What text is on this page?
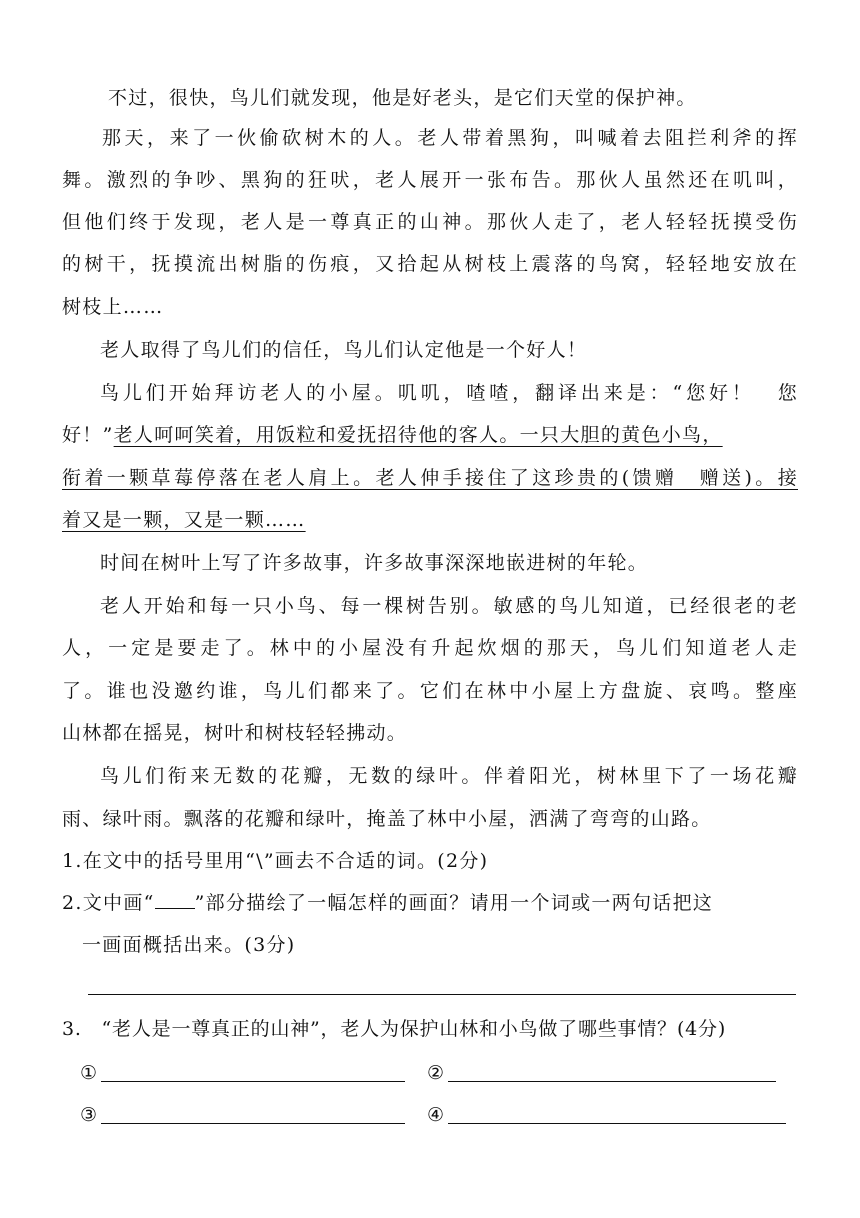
不过，很快，鸟儿们就发现，他是好老头，是它们天堂的保护神。
那天，来了一伙偷砍树木的人。老人带着黑狗，叫喊着去阻拦利斧的挥
舞。激烈的争吵、黑狗的狂吠，老人展开一张布告。那伙人虽然还在叽叫，
但他们终于发现，老人是一尊真正的山神。那伙人走了，老人轻轻抚摸受伤
的树干，抚摸流出树脂的伤痕，又拾起从树枝上震落的鸟窝，轻轻地安放在
树枝上……
老人取得了鸟儿们的信任，鸟儿们认定他是一个好人！
鸟儿们开始拜访老人的小屋。叽叽，喳喳，翻译出来是：“您好！　您
好！”老人呵呵笑着，用饭粒和爱抚招待他的客人。一只大胆的黄色小鸟，
衔着一颗草莓停落在老人肩上。老人伸手接住了这珍贵的(馈赠　赠送)。接
着又是一颗，又是一颗……
时间在树叶上写了许多故事，许多故事深深地嵌进树的年轮。
老人开始和每一只小鸟、每一棵树告别。敏感的鸟儿知道，已经很老的老
人，一定是要走了。林中的小屋没有升起炊烟的那天，鸟儿们知道老人走
了。谁也没邀约谁，鸟儿们都来了。它们在林中小屋上方盘旋、哀鸣。整座
山林都在摇晃，树叶和树枝轻轻拂动。
鸟儿们衔来无数的花瓣，无数的绿叶。伴着阳光，树林里下了一场花瓣
雨、绿叶雨。飘落的花瓣和绿叶，掩盖了林中小屋，洒满了弯弯的山路。
1.在文中的括号里用“\”画去不合适的词。(2分)
2.文中画“ ”部分描绘了一幅怎样的画面？请用一个词或一两句话把这
一画面概括出来。(3分)
3.　“老人是一尊真正的山神”，老人为保护山林和小鸟做了哪些事情？(4分)
①	②
③	④
